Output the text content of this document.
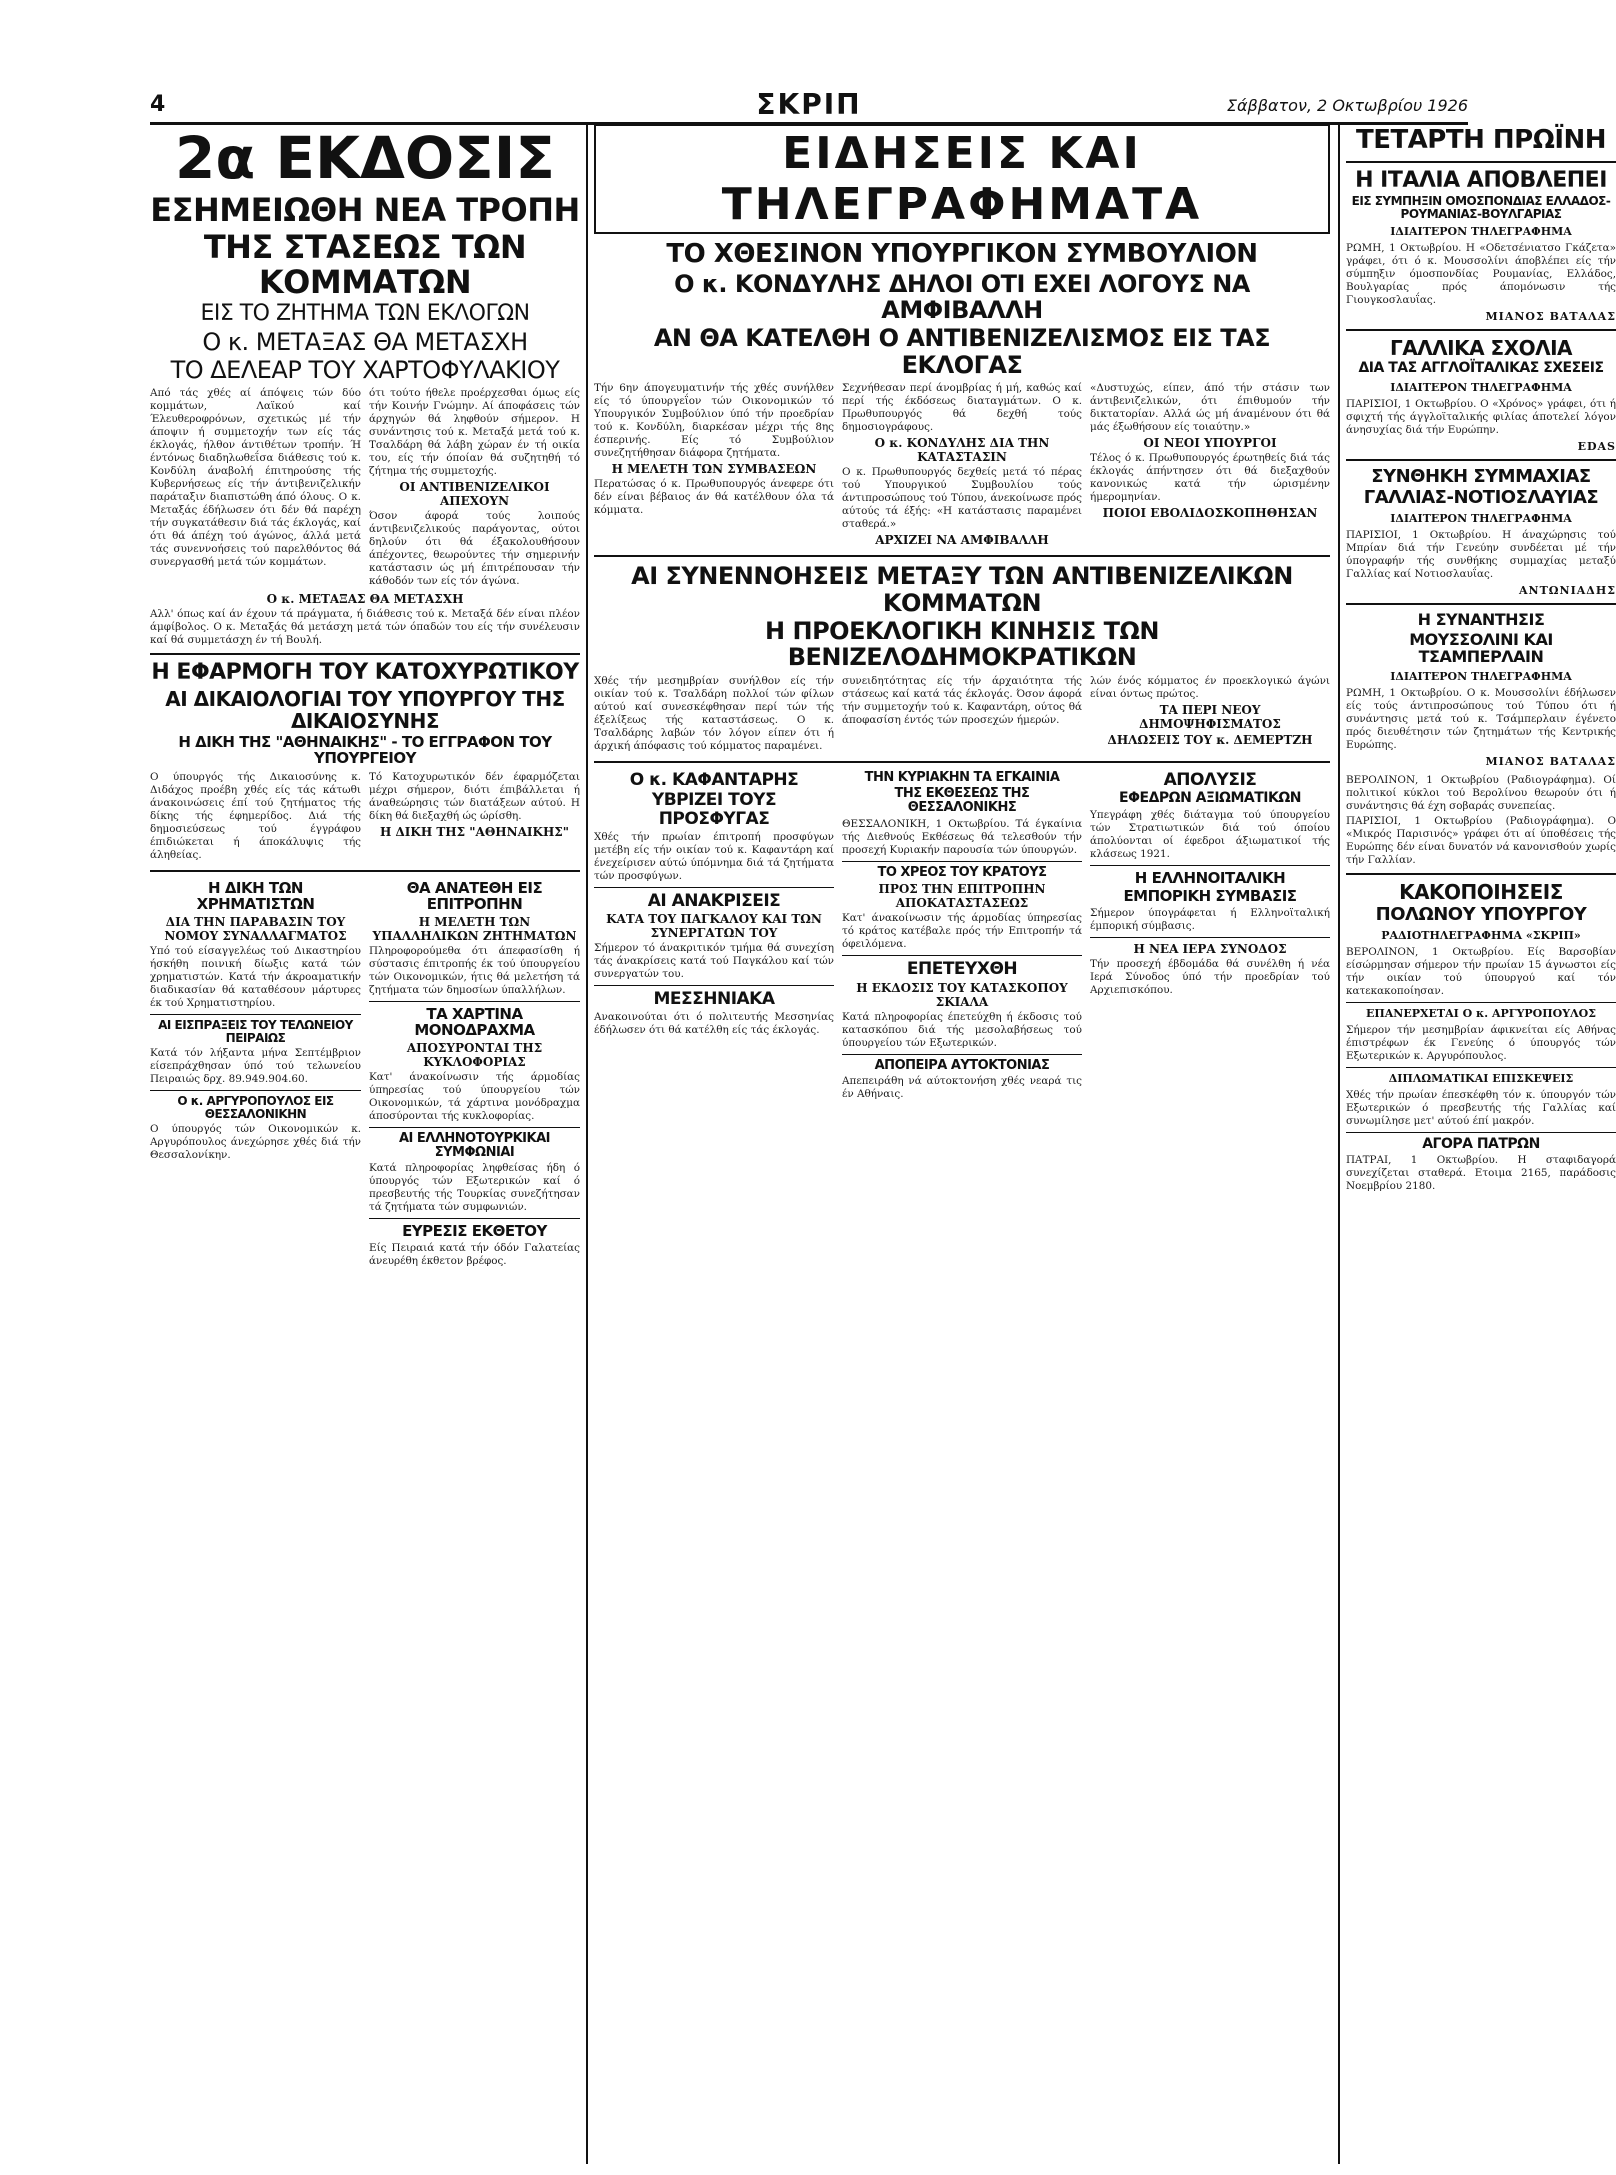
4	ΣΚΡΙΠ	Σάββατον, 2 Οκτωβρίου 1926
2α ΕΚΔΟΣΙΣ
ΕΣΗΜΕΙΩΘΗ ΝΕΑ ΤΡΟΠΗ
ΤΗΣ ΣΤΑΣΕΩΣ ΤΩΝ ΚΟΜΜΑΤΩΝ
ΕΙΣ ΤΟ ΖΗΤΗΜΑ ΤΩΝ ΕΚΛΟΓΩΝ
Ο κ. ΜΕΤΑΞΑΣ ΘΑ ΜΕΤΑΣΧΗ
ΤΟ ΔΕΛΕΑΡ ΤΟΥ ΧΑΡΤΟΦΥΛΑΚΙΟΥ

Από τάς χθές αί άπόψεις τών δύο κομμάτων, Λαϊκού καί Έλευθεροφρόνων, σχετικώς μέ τήν άποψιν ή συμμετοχήν των είς τάς έκλογάς, ήλθον άντιθέτων τροπήν. Ή έντόνως διαδηλωθεΐσα διάθεσις τού κ. Κονδύλη άναβολή έπιτηρούσης τής Κυβερνήσεως είς τήν άντιβενιζελικήν παράταξιν διαπιστώθη άπό όλους. Ο κ. Μεταξάς έδήλωσεν ότι δέν θά παρέχη τήν συγκατάθεσιν διά τάς έκλογάς, καί ότι θά άπέχη τού άγώνος, άλλά μετά τάς συνεννοήσεις τού παρελθόντος θά συνεργασθή μετά τών κομμάτων.

ότι τούτο ήθελε προέρχεσθαι όμως είς τήν Κοινήν Γνώμην. Αί άποφάσεις τών άρχηγών θά ληφθούν σήμερον. Η συνάντησις τού κ. Μεταξά μετά τού κ. Τσαλδάρη θά λάβη χώραν έν τή οικία του, είς τήν όποίαν θά συζητηθή τό ζήτημα τής συμμετοχής.

ΟΙ ΑΝΤΙΒΕΝΙΖΕΛΙΚΟΙ ΑΠΕΧΟΥΝ

Όσον άφορά τούς λοιπούς άντιβενιζελικούς παράγοντας, ούτοι δηλούν ότι θά έξακολουθήσουν άπέχοντες, θεωρούντες τήν σημερινήν κατάστασιν ώς μή έπιτρέπουσαν τήν κάθοδόν των είς τόν άγώνα.

Ο κ. ΜΕΤΑΞΑΣ ΘΑ ΜΕΤΑΣΧΗ

Αλλ' όπως καί άν έχουν τά πράγματα, ή διάθεσις τού κ. Μεταξά δέν είναι πλέον άμφίβολος. Ο κ. Μεταξάς θά μετάσχη μετά τών όπαδών του είς τήν συνέλευσιν καί θά συμμετάσχη έν τή Βουλή.

Η ΕΦΑΡΜΟΓΗ ΤΟΥ ΚΑΤΟΧΥΡΩΤΙΚΟΥ
ΑΙ ΔΙΚΑΙΟΛΟΓΙΑΙ ΤΟΥ ΥΠΟΥΡΓΟΥ ΤΗΣ ΔΙΚΑΙΟΣΥΝΗΣ
Η ΔΙΚΗ ΤΗΣ "ΑΘΗΝΑΙΚΗΣ" - ΤΟ ΕΓΓΡΑΦΟΝ ΤΟΥ ΥΠΟΥΡΓΕΙΟΥ

Ο ύπουργός τής Δικαιοσύνης κ. Διδάχος προέβη χθές είς τάς κάτωθι άνακοινώσεις έπί τού ζητήματος τής δίκης τής έφημερίδος. Διά τής δημοσιεύσεως τού έγγράφου έπιδιώκεται ή άποκάλυψις τής άληθείας.

Τό Κατοχυρωτικόν δέν έφαρμόζεται μέχρι σήμερον, διότι έπιβάλλεται ή άναθεώρησις τών διατάξεων αύτού. Η δίκη θά διεξαχθή ώς ώρίσθη.

Η ΔΙΚΗ ΤΗΣ "ΑΘΗΝΑΙΚΗΣ"
Η ΔΙΚΗ ΤΩΝ ΧΡΗΜΑΤΙΣΤΩΝ
ΔΙΑ ΤΗΝ ΠΑΡΑΒΑΣΙΝ ΤΟΥ ΝΟΜΟΥ ΣΥΝΑΛΛΑΓΜΑΤΟΣ

Υπό τού είσαγγελέως τού Δικαστηρίου ήσκήθη ποινική δίωξις κατά τών χρηματιστών. Κατά τήν άκροαματικήν διαδικασίαν θά καταθέσουν μάρτυρες έκ τού Χρηματιστηρίου.

ΑΙ ΕΙΣΠΡΑΞΕΙΣ ΤΟΥ ΤΕΛΩΝΕΙΟΥ ΠΕΙΡΑΙΩΣ

Κατά τόν λήξαντα μήνα Σεπτέμβριον είσεπράχθησαν ύπό τού τελωνείου Πειραιώς δρχ. 89.949.904.60.

Ο κ. ΑΡΓΥΡΟΠΟΥΛΟΣ ΕΙΣ ΘΕΣΣΑΛΟΝΙΚΗΝ

Ο ύπουργός τών Οικονομικών κ. Αργυρόπουλος άνεχώρησε χθές διά τήν Θεσσαλονίκην.

ΘΑ ΑΝΑΤΕΘΗ ΕΙΣ ΕΠΙΤΡΟΠΗΝ
Η ΜΕΛΕΤΗ ΤΩΝ ΥΠΑΛΛΗΛΙΚΩΝ ΖΗΤΗΜΑΤΩΝ

Πληροφορούμεθα ότι άπεφασίσθη ή σύστασις έπιτροπής έκ τού ύπουργείου τών Οικονομικών, ήτις θά μελετήση τά ζητήματα τών δημοσίων ύπαλλήλων.

ΤΑ ΧΑΡΤΙΝΑ ΜΟΝΟΔΡΑΧΜΑ
ΑΠΟΣΥΡΟΝΤΑΙ ΤΗΣ ΚΥΚΛΟΦΟΡΙΑΣ

Κατ' άνακοίνωσιν τής άρμοδίας ύπηρεσίας τού ύπουργείου τών Οικονομικών, τά χάρτινα μονόδραχμα άποσύρονται τής κυκλοφορίας.

ΑΙ ΕΛΛΗΝΟΤΟΥΡΚΙΚΑΙ ΣΥΜΦΩΝΙΑΙ

Κατά πληροφορίας ληφθείσας ήδη ό ύπουργός τών Εξωτερικών καί ό πρεσβευτής τής Τουρκίας συνεζήτησαν τά ζητήματα τών συμφωνιών.

ΕΥΡΕΣΙΣ ΕΚΘΕΤΟΥ

Είς Πειραιά κατά τήν όδόν Γαλατείας άνευρέθη έκθετον βρέφος.

ΕΙΔΗΣΕΙΣ ΚΑΙ ΤΗΛΕΓΡΑΦΗΜΑΤΑ
ΤΟ ΧΘΕΣΙΝΟΝ ΥΠΟΥΡΓΙΚΟΝ ΣΥΜΒΟΥΛΙΟΝ
Ο κ. ΚΟΝΔΥΛΗΣ ΔΗΛΟΙ ΟΤΙ ΕΧΕΙ ΛΟΓΟΥΣ ΝΑ ΑΜΦΙΒΑΛΛΗ
ΑΝ ΘΑ ΚΑΤΕΛΘΗ Ο ΑΝΤΙΒΕΝΙΖΕΛΙΣΜΟΣ ΕΙΣ ΤΑΣ ΕΚΛΟΓΑΣ

Τήν 6ην άπογευματινήν τής χθές συνήλθεν είς τό ύπουργεΐον τών Οικονομικών τό Υπουργικόν Συμβούλιον ύπό τήν προεδρίαν τού κ. Κονδύλη, διαρκέσαν μέχρι τής 8ης έσπερινής. Είς τό Συμβούλιον συνεζητήθησαν διάφορα ζητήματα.

Η ΜΕΛΕΤΗ ΤΩΝ ΣΥΜΒΑΣΕΩΝ

Περατώσας ό κ. Πρωθυπουργός άνεφερε ότι δέν είναι βέβαιος άν θά κατέλθουν όλα τά κόμματα.

Σεχνήθεσαν περί άνομβρίας ή μή, καθώς καί περί τής έκδόσεως διαταγμάτων. Ο κ. Πρωθυπουργός θά δεχθή τούς δημοσιογράφους.

Ο κ. ΚΟΝΔΥΛΗΣ ΔΙΑ ΤΗΝ ΚΑΤΑΣΤΑΣΙΝ

Ο κ. Πρωθυπουργός δεχθείς μετά τό πέρας τού Υπουργικού Συμβουλίου τούς άντιπροσώπους τού Τύπου, άνεκοίνωσε πρός αύτούς τά έξής: «Η κατάστασις παραμένει σταθερά.»

ΑΡΧΙΖΕΙ ΝΑ ΑΜΦΙΒΑΛΛΗ

«Δυστυχώς, είπεν, άπό τήν στάσιν των άντιβενιζελικών, ότι έπιθυμούν τήν δικτατορίαν. Αλλά ώς μή άναμένουν ότι θά μάς έξωθήσουν είς τοιαύτην.»

ΟΙ ΝΕΟΙ ΥΠΟΥΡΓΟΙ

Τέλος ό κ. Πρωθυπουργός έρωτηθείς διά τάς έκλογάς άπήντησεν ότι θά διεξαχθούν κανονικώς κατά τήν ώρισμένην ήμερομηνίαν.

ΠΟΙΟΙ ΕΒΟΛΙΔΟΣΚΟΠΗΘΗΣΑΝ
ΑΙ ΣΥΝΕΝΝΟΗΣΕΙΣ ΜΕΤΑΞΥ ΤΩΝ ΑΝΤΙΒΕΝΙΖΕΛΙΚΩΝ ΚΟΜΜΑΤΩΝ
Η ΠΡΟΕΚΛΟΓΙΚΗ ΚΙΝΗΣΙΣ ΤΩΝ ΒΕΝΙΖΕΛΟΔΗΜΟΚΡΑΤΙΚΩΝ

Χθές τήν μεσημβρίαν συνήλθον είς τήν οικίαν τού κ. Τσαλδάρη πολλοί τών φίλων αύτού καί συνεσκέφθησαν περί τών τής έξελίξεως τής καταστάσεως. Ο κ. Τσαλδάρης λαβών τόν λόγον είπεν ότι ή άρχική άπόφασις τού κόμματος παραμένει.

συνειδητότητας είς τήν άρχαιότητα τής στάσεως καί κατά τάς έκλογάς. Όσον άφορά τήν συμμετοχήν τού κ. Καφαντάρη, ούτος θά άποφασίση έντός τών προσεχών ήμερών.

λών ένός κόμματος έν προεκλογικώ άγώνι είναι όντως πρώτος.

ΤΑ ΠΕΡΙ ΝΕΟΥ ΔΗΜΟΨΗΦΙΣΜΑΤΟΣ
ΔΗΛΩΣΕΙΣ ΤΟΥ κ. ΔΕΜΕΡΤΖΗ
Ο κ. ΚΑΦΑΝΤΑΡΗΣ
ΥΒΡΙΖΕΙ ΤΟΥΣ ΠΡΟΣΦΥΓΑΣ

Χθές τήν πρωίαν έπιτροπή προσφύγων μετέβη είς τήν οικίαν τού κ. Καφαντάρη καί ένεχείρισεν αύτώ ύπόμνημα διά τά ζητήματα τών προσφύγων.

ΑΙ ΑΝΑΚΡΙΣΕΙΣ
ΚΑΤΑ ΤΟΥ ΠΑΓΚΑΛΟΥ ΚΑΙ ΤΩΝ ΣΥΝΕΡΓΑΤΩΝ ΤΟΥ

Σήμερον τό άνακριτικόν τμήμα θά συνεχίση τάς άνακρίσεις κατά τού Παγκάλου καί τών συνεργατών του.

ΜΕΣΣΗΝΙΑΚΑ

Ανακοινούται ότι ό πολιτευτής Μεσσηνίας έδήλωσεν ότι θά κατέλθη είς τάς έκλογάς.

ΤΗΝ ΚΥΡΙΑΚΗΝ ΤΑ ΕΓΚΑΙΝΙΑ
ΤΗΣ ΕΚΘΕΣΕΩΣ ΤΗΣ ΘΕΣΣΑΛΟΝΙΚΗΣ

ΘΕΣΣΑΛΟΝΙΚΗ, 1 Οκτωβρίου. Τά έγκαίνια τής Διεθνούς Εκθέσεως θά τελεσθούν τήν προσεχή Κυριακήν παρουσία τών ύπουργών.

ΤΟ ΧΡΕΟΣ ΤΟΥ ΚΡΑΤΟΥΣ
ΠΡΟΣ ΤΗΝ ΕΠΙΤΡΟΠΗΝ ΑΠΟΚΑΤΑΣΤΑΣΕΩΣ

Κατ' άνακοίνωσιν τής άρμοδίας ύπηρεσίας τό κράτος κατέβαλε πρός τήν Επιτροπήν τά όφειλόμενα.

ΕΠΕΤΕΥΧΘΗ
Η ΕΚΔΟΣΙΣ ΤΟΥ ΚΑΤΑΣΚΟΠΟΥ ΣΚΙΑΛΑ

Κατά πληροφορίας έπετεύχθη ή έκδοσις τού κατασκόπου διά τής μεσολαβήσεως τού ύπουργείου τών Εξωτερικών.

ΑΠΟΠΕΙΡΑ ΑΥΤΟΚΤΟΝΙΑΣ

Απεπειράθη νά αύτοκτονήση χθές νεαρά τις έν Αθήναις.

ΑΠΟΛΥΣΙΣ
ΕΦΕΔΡΩΝ ΑΞΙΩΜΑΤΙΚΩΝ

Υπεγράφη χθές διάταγμα τού ύπουργείου τών Στρατιωτικών διά τού όποίου άπολύονται οί έφεδροι άξιωματικοί τής κλάσεως 1921.

Η ΕΛΛΗΝΟΙΤΑΛΙΚΗ
ΕΜΠΟΡΙΚΗ ΣΥΜΒΑΣΙΣ

Σήμερον ύπογράφεται ή Ελληνοϊταλική έμπορική σύμβασις.

Η ΝΕΑ ΙΕΡΑ ΣΥΝΟΔΟΣ

Τήν προσεχή έβδομάδα θά συνέλθη ή νέα Ιερά Σύνοδος ύπό τήν προεδρίαν τού Αρχιεπισκόπου.

ΤΕΤΑΡΤΗ ΠΡΩΪΝΗ
Η ΙΤΑΛΙΑ ΑΠΟΒΛΕΠΕΙ
ΕΙΣ ΣΥΜΠΗΞΙΝ ΟΜΟΣΠΟΝΔΙΑΣ ΕΛΛΑΔΟΣ-ΡΟΥΜΑΝΙΑΣ-ΒΟΥΛΓΑΡΙΑΣ
ΙΔΙΑΙΤΕΡΟΝ ΤΗΛΕΓΡΑΦΗΜΑ

ΡΩΜΗ, 1 Οκτωβρίου. Η «Οδετσένιατσο Γκάζετα» γράφει, ότι ό κ. Μουσσολίνι άποβλέπει είς τήν σύμπηξιν όμοσπονδίας Ρουμανίας, Ελλάδος, Βουλγαρίας πρός άπομόνωσιν τής Γιουγκοσλαυΐας.

ΜΙΑΝΟΣ ΒΑΤΑΛΑΣ
ΓΑΛΛΙΚΑ ΣΧΟΛΙΑ
ΔΙΑ ΤΑΣ ΑΓΓΛΟΪΤΑΛΙΚΑΣ ΣΧΕΣΕΙΣ
ΙΔΙΑΙΤΕΡΟΝ ΤΗΛΕΓΡΑΦΗΜΑ

ΠΑΡΙΣΙΟΙ, 1 Οκτωβρίου. Ο «Χρόνος» γράφει, ότι ή σφιχτή τής άγγλοϊταλικής φιλίας άποτελεί λόγον άνησυχίας διά τήν Ευρώπην.

EDAS
ΣΥΝΘΗΚΗ ΣΥΜΜΑΧΙΑΣ
ΓΑΛΛΙΑΣ-ΝΟΤΙΟΣΛΑΥΙΑΣ
ΙΔΙΑΙΤΕΡΟΝ ΤΗΛΕΓΡΑΦΗΜΑ

ΠΑΡΙΣΙΟΙ, 1 Οκτωβρίου. Η άναχώρησις τού Μπρίαν διά τήν Γενεύην συνδέεται μέ τήν ύπογραφήν τής συνθήκης συμμαχίας μεταξύ Γαλλίας καί Νοτιοσλαυΐας.

ΑΝΤΩΝΙΑΔΗΣ
Η ΣΥΝΑΝΤΗΣΙΣ
ΜΟΥΣΣΟΛΙΝΙ ΚΑΙ ΤΣΑΜΠΕΡΛΑΙΝ
ΙΔΙΑΙΤΕΡΟΝ ΤΗΛΕΓΡΑΦΗΜΑ

ΡΩΜΗ, 1 Οκτωβρίου. Ο κ. Μουσσολίνι έδήλωσεν είς τούς άντιπροσώπους τού Τύπου ότι ή συνάντησις μετά τού κ. Τσάμπερλαιν έγένετο πρός διευθέτησιν τών ζητημάτων τής Κεντρικής Ευρώπης.

ΜΙΑΝΟΣ ΒΑΤΑΛΑΣ

ΒΕΡΟΛΙΝΟΝ, 1 Οκτωβρίου (Ραδιογράφημα). Οί πολιτικοί κύκλοι τού Βερολίνου θεωρούν ότι ή συνάντησις θά έχη σοβαράς συνεπείας.

ΠΑΡΙΣΙΟΙ, 1 Οκτωβρίου (Ραδιογράφημα). Ο «Μικρός Παρισινός» γράφει ότι αί ύποθέσεις τής Ευρώπης δέν είναι δυνατόν νά κανονισθούν χωρίς τήν Γαλλίαν.

ΚΑΚΟΠΟΙΗΣΕΙΣ
ΠΟΛΩΝΟΥ ΥΠΟΥΡΓΟΥ
ΡΑΔΙΟΤΗΛΕΓΡΑΦΗΜΑ «ΣΚΡΙΠ»

ΒΕΡΟΛΙΝΟΝ, 1 Οκτωβρίου. Είς Βαρσοβίαν είσώρμησαν σήμερον τήν πρωίαν 15 άγνωστοι είς τήν οικίαν τού ύπουργού καί τόν κατεκακοποίησαν.

ΕΠΑΝΕΡΧΕΤΑΙ Ο κ. ΑΡΓΥΡΟΠΟΥΛΟΣ

Σήμερον τήν μεσημβρίαν άφικνείται είς Αθήνας έπιστρέφων έκ Γενεύης ό ύπουργός τών Εξωτερικών κ. Αργυρόπουλος.

ΔΙΠΛΩΜΑΤΙΚΑΙ ΕΠΙΣΚΕΨΕΙΣ

Χθές τήν πρωίαν έπεσκέφθη τόν κ. ύπουργόν τών Εξωτερικών ό πρεσβευτής τής Γαλλίας καί συνωμίλησε μετ' αύτού έπί μακρόν.

ΑΓΟΡΑ ΠΑΤΡΩΝ

ΠΑΤΡΑΙ, 1 Οκτωβρίου. Η σταφιδαγορά συνεχίζεται σταθερά. Ετοιμα 2165, παράδοσις Νοεμβρίου 2180.
